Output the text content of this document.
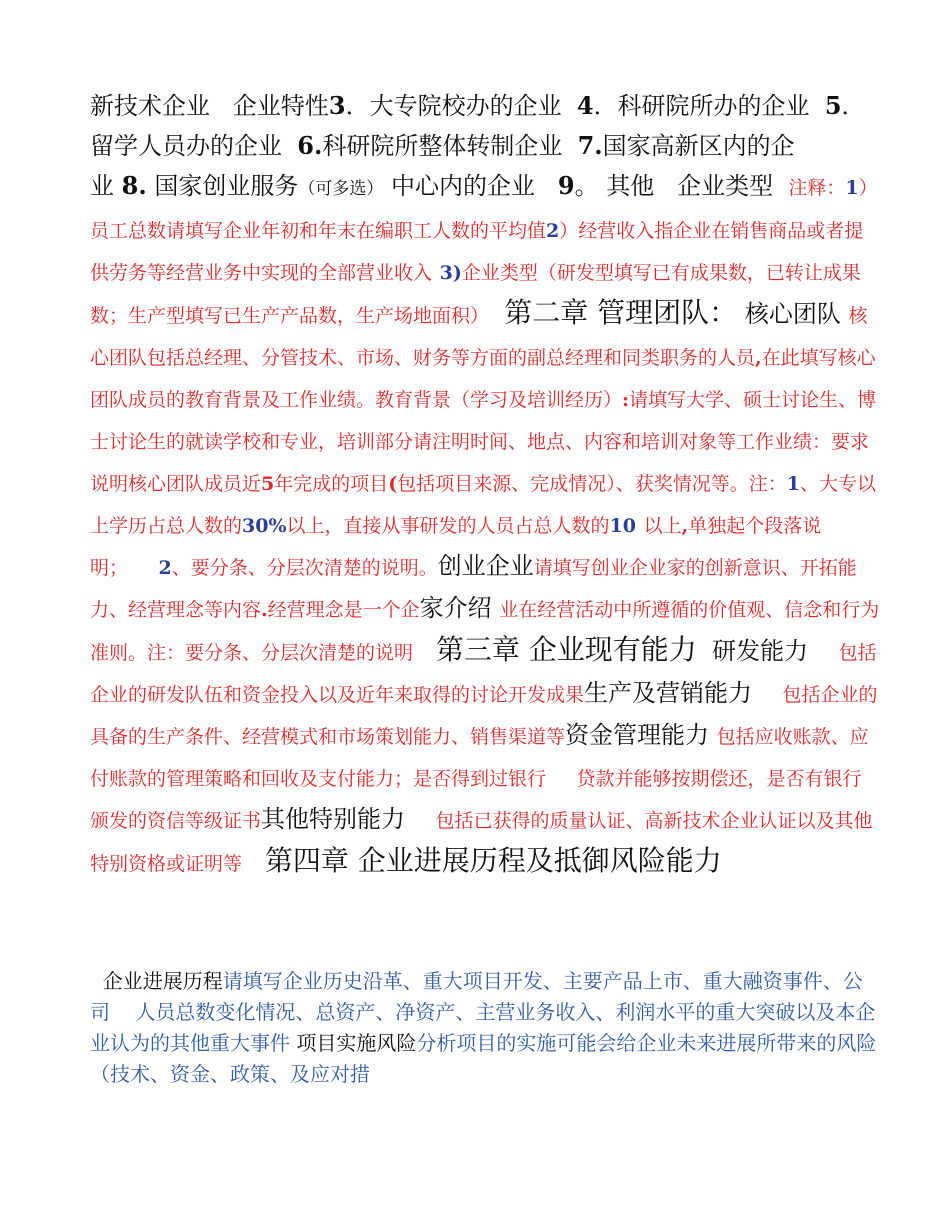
新技术企业 企业特性3．大专院校办的企业 4．科研院所办的企业 5．留学人员办的企业 6.科研院所整体转制企业 7.国家高新区内的企业 8. 国家创业服务（可多选） 中心内的企业 9。 其他 企业类型 注释：1）员工总数请填写企业年初和年末在编职工人数的平均值2）经营收入指企业在销售商品或者提供劳务等经营业务中实现的全部营业收入 3)企业类型（研发型填写已有成果数，已转让成果数；生产型填写已生产产品数，生产场地面积） 第二章 管理团队： 核心团队 核心团队包括总经理、分管技术、市场、财务等方面的副总经理和同类职务的人员,在此填写核心团队成员的教育背景及工作业绩。教育背景（学习及培训经历）:请填写大学、硕士讨论生、博士讨论生的就读学校和专业，培训部分请注明时间、地点、内容和培训对象等工作业绩：要求说明核心团队成员近5年完成的项目(包括项目来源、完成情况）、获奖情况等。注：1、大专以上学历占总人数的30%以上，直接从事研发的人员占总人数的10 以上,单独起个段落说明； 2、要分条、分层次清楚的说明。创业企业请填写创业企业家的创新意识、开拓能力、经营理念等内容.经营理念是一个企家介绍 业在经营活动中所遵循的价值观、信念和行为准则。注：要分条、分层次清楚的说明 第三章 企业现有能力 研发能力 包括企业的研发队伍和资金投入以及近年来取得的讨论开发成果生产及营销能力 包括企业的具备的生产条件、经营模式和市场策划能力、销售渠道等资金管理能力 包括应收账款、应付账款的管理策略和回收及支付能力；是否得到过银行 贷款并能够按期偿还，是否有银行颁发的资信等级证书其他特别能力 包括已获得的质量认证、高新技术企业认证以及其他特别资格或证明等 第四章 企业进展历程及抵御风险能力
企业进展历程请填写企业历史沿革、重大项目开发、主要产品上市、重大融资事件、公司 人员总数变化情况、总资产、净资产、主营业务收入、利润水平的重大突破以及本企业认为的其他重大事件 项目实施风险分析项目的实施可能会给企业未来进展所带来的风险（技术、资金、政策、及应对措
